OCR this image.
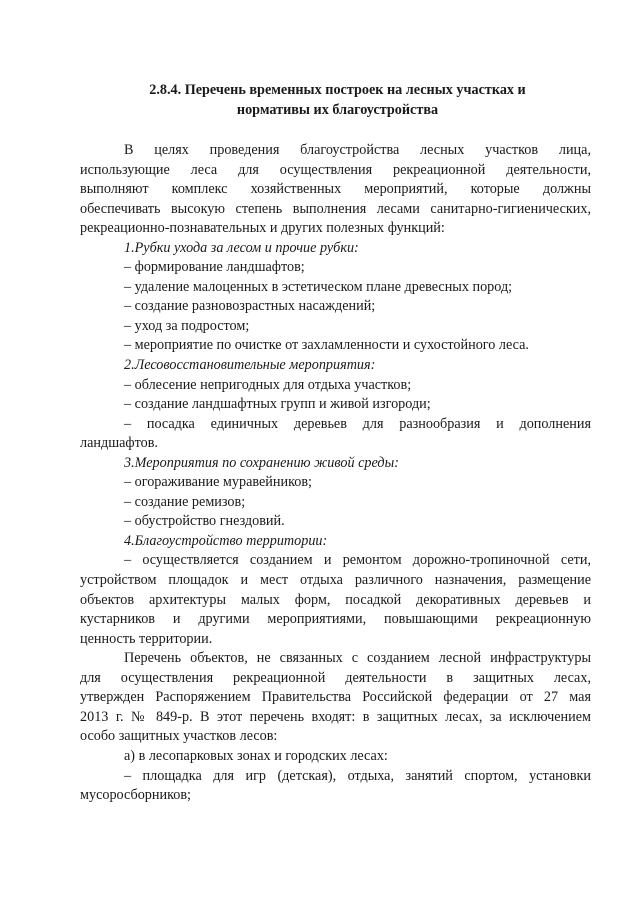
2.8.4. Перечень временных построек на лесных участках и
нормативы их благоустройства
В целях проведения благоустройства лесных участков лица,
использующие леса для осуществления рекреационной деятельности,
выполняют комплекс хозяйственных мероприятий, которые должны
обеспечивать высокую степень выполнения лесами санитарно-гигиенических,
рекреационно-познавательных и других полезных функций:
1.Рубки ухода за лесом и прочие рубки:
– формирование ландшафтов;
– удаление малоценных в эстетическом плане древесных пород;
– создание разновозрастных насаждений;
– уход за подростом;
– мероприятие по очистке от захламленности и сухостойного леса.
2.Лесовосстановительные мероприятия:
– облесение непригодных для отдыха участков;
– создание ландшафтных групп и живой изгороди;
– посадка единичных деревьев для разнообразия и дополнения
ландшафтов.
3.Мероприятия по сохранению живой среды:
– огораживание муравейников;
– создание ремизов;
– обустройство гнездовий.
4.Благоустройство территории:
– осуществляется созданием и ремонтом дорожно-тропиночной сети,
устройством площадок и мест отдыха различного назначения, размещение
объектов архитектуры малых форм, посадкой декоративных деревьев и
кустарников и другими мероприятиями, повышающими рекреационную
ценность территории.
Перечень объектов, не связанных с созданием лесной инфраструктуры
для осуществления рекреационной деятельности в защитных лесах,
утвержден Распоряжением Правительства Российской федерации от 27 мая
2013 г. № 849-р. В этот перечень входят: в защитных лесах, за исключением
особо защитных участков лесов:
а) в лесопарковых зонах и городских лесах:
– площадка для игр (детская), отдыха, занятий спортом, установки
мусоросборников;
